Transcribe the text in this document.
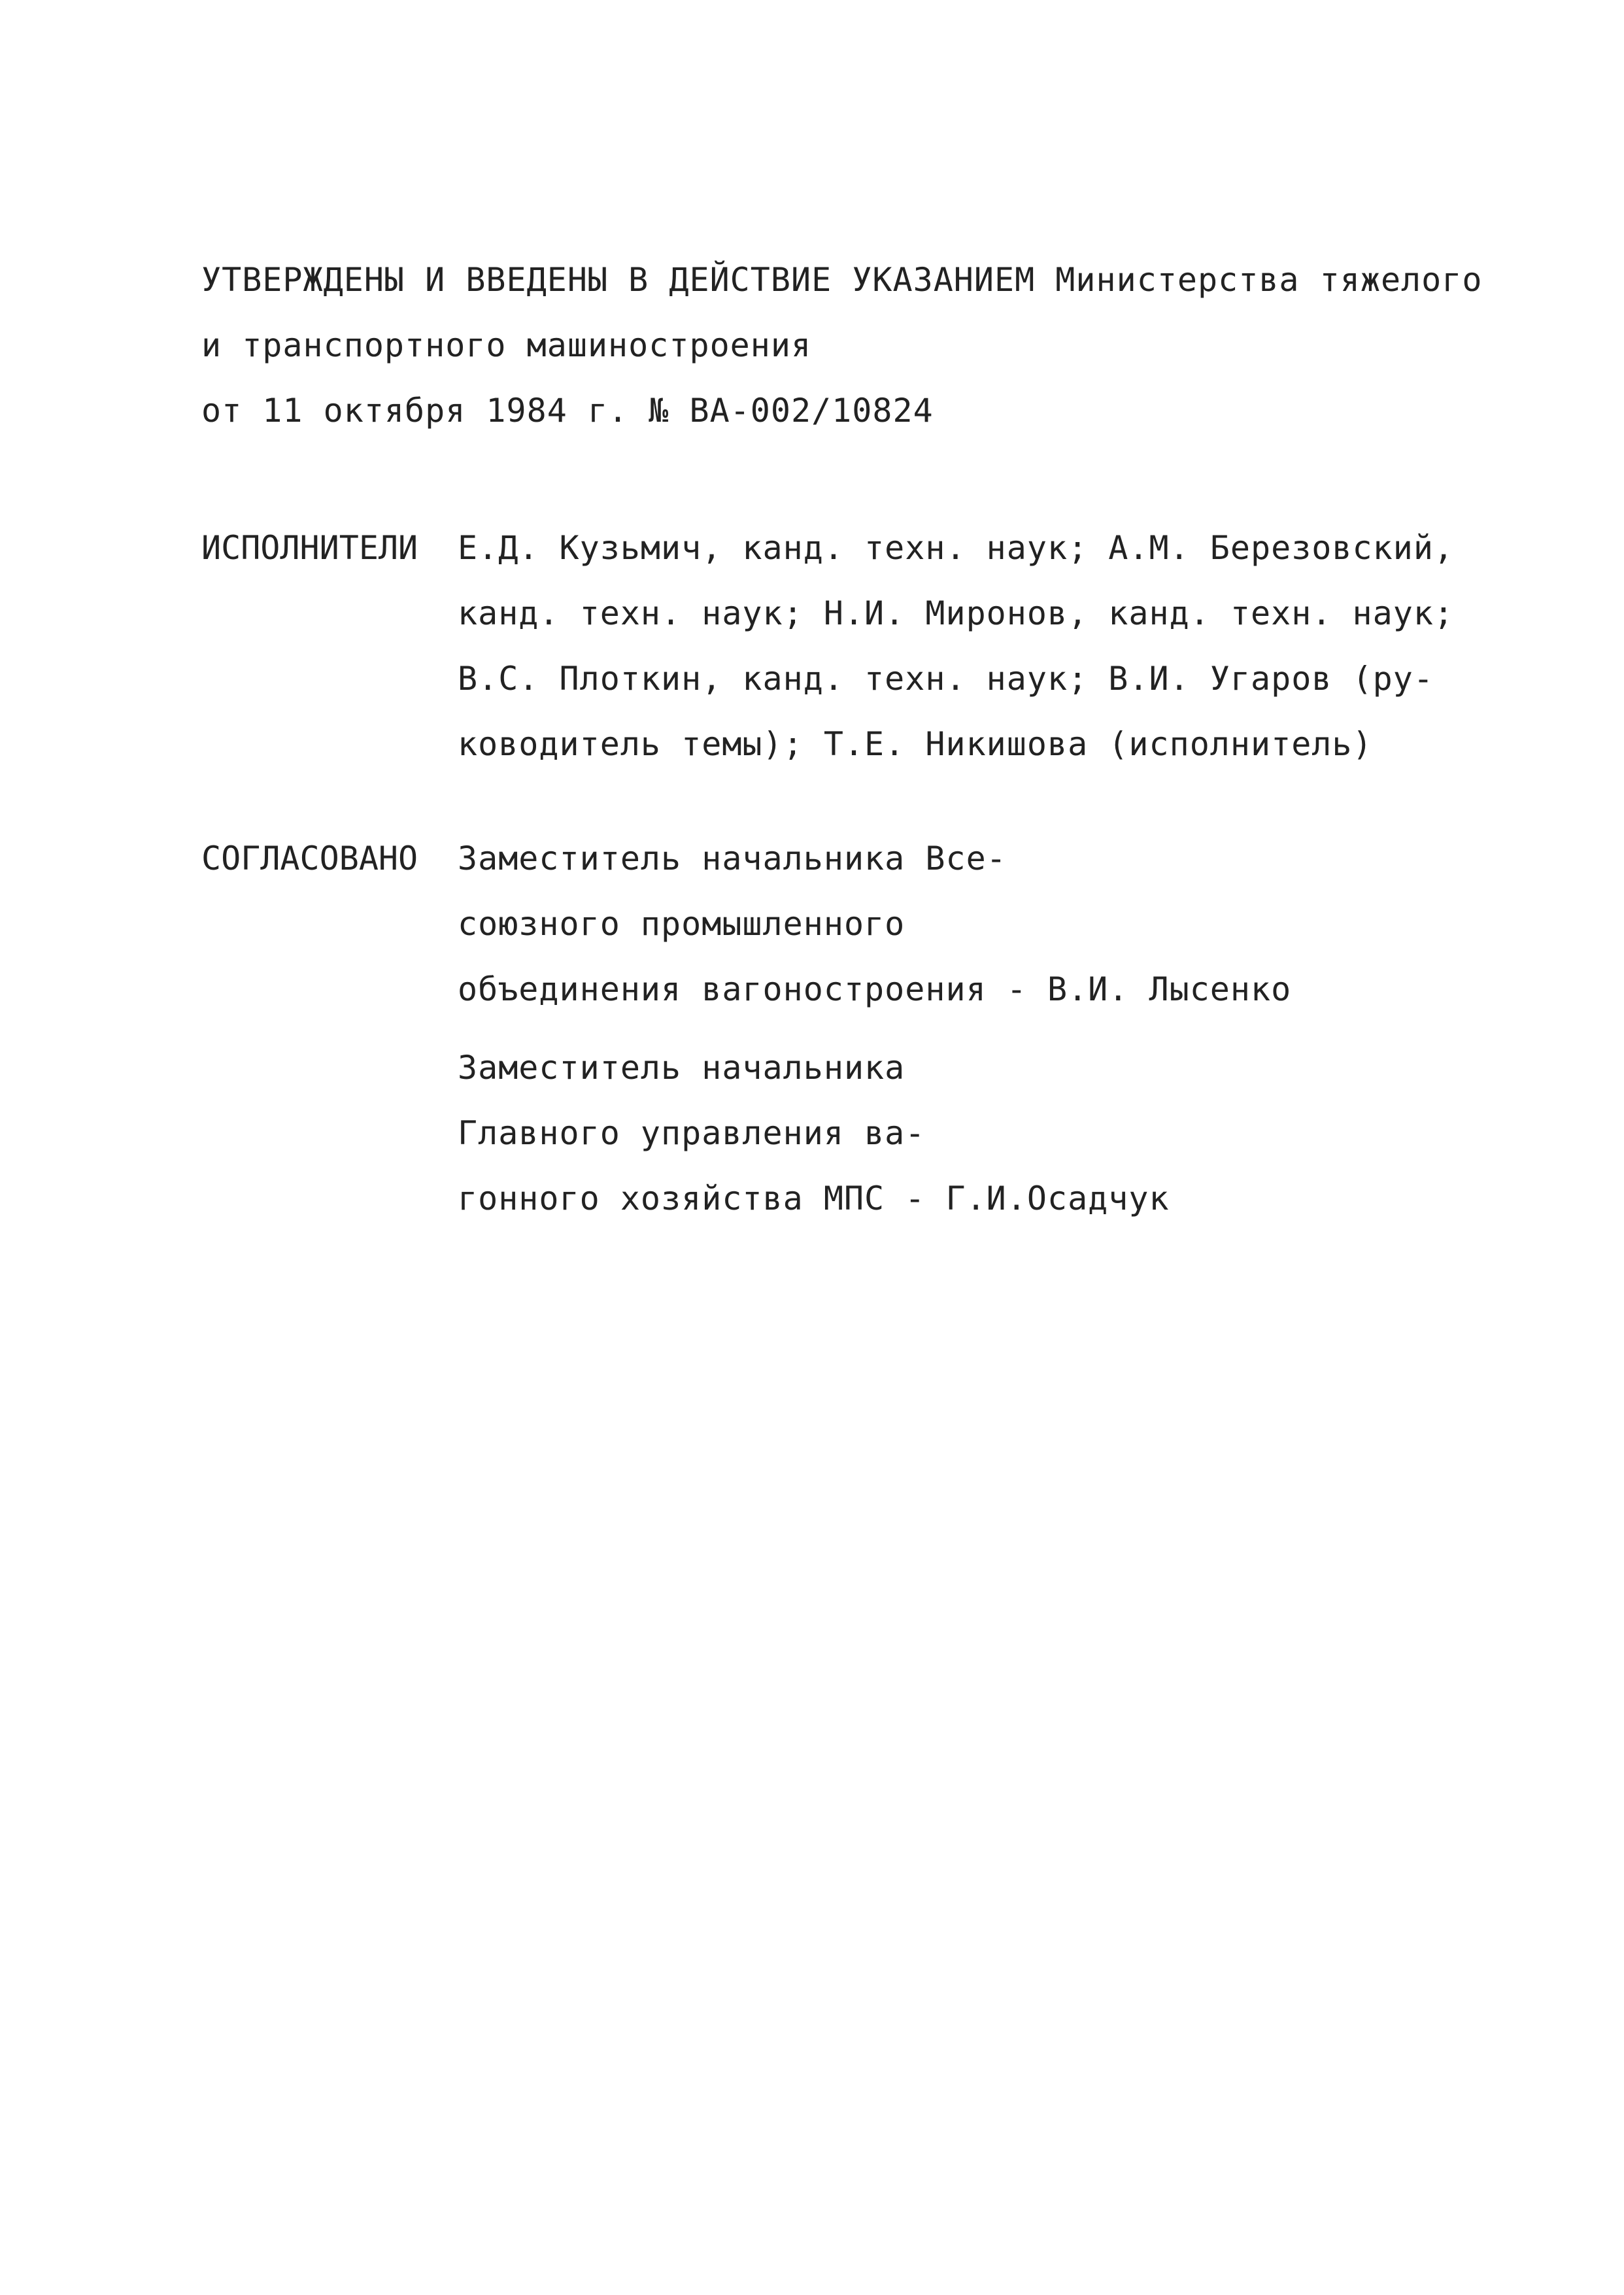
УТВЕРЖДЕНЫ И ВВЕДЕНЫ В ДЕЙСТВИЕ УКАЗАНИЕМ Министерства тяжелого
и транспортного машиностроения
от 11 октября 1984 г. № ВА-002/10824
ИСПОЛНИТЕЛИ Е.Д. Кузьмич, канд. техн. наук; А.М. Березовский,
канд. техн. наук; Н.И. Миронов, канд. техн. наук;
В.С. Плоткин, канд. техн. наук; В.И. Угаров (ру-
ководитель темы); Т.Е. Никишова (исполнитель)
СОГЛАСОВАНО Заместитель начальника Все-
союзного промышленного
объединения вагоностроения - В.И. Лысенко
Заместитель начальника
Главного управления ва-
гонного хозяйства МПС - Г.И.Осадчук
